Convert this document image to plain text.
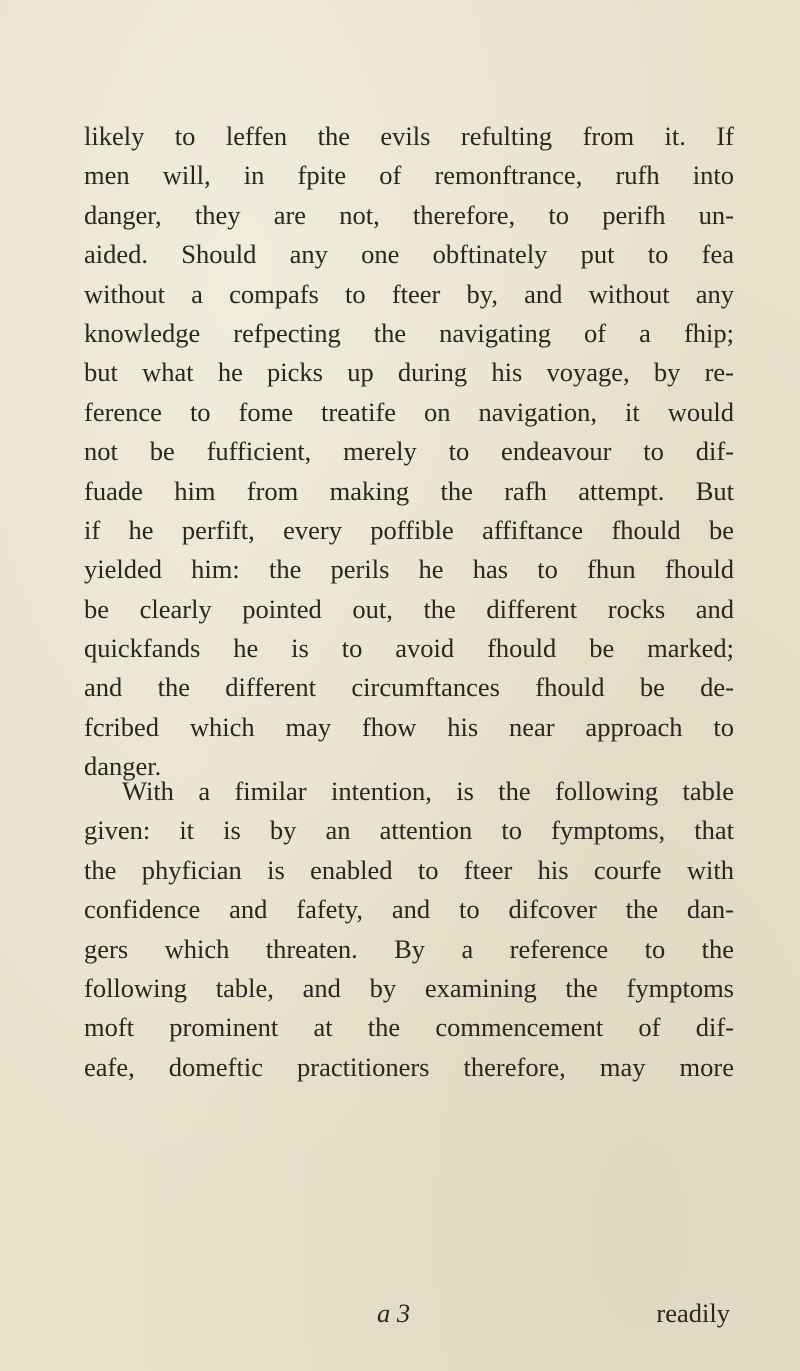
likely to leffen the evils refulting from it. If
men will, in fpite of remonftrance, rufh into
danger, they are not, therefore, to perifh un-
aided. Should any one obftinately put to fea
without a compafs to fteer by, and without any
knowledge refpecting the navigating of a fhip;
but what he picks up during his voyage, by re-
ference to fome treatife on navigation, it would
not be fufficient, merely to endeavour to dif-
fuade him from making the rafh attempt. But
if he perfift, every poffible affiftance fhould be
yielded him: the perils he has to fhun fhould
be clearly pointed out, the different rocks and
quickfands he is to avoid fhould be marked;
and the different circumftances fhould be de-
fcribed which may fhow his near approach to
danger.
With a fimilar intention, is the following table
given: it is by an attention to fymptoms, that
the phyfician is enabled to fteer his courfe with
confidence and fafety, and to difcover the dan-
gers which threaten. By a reference to the
following table, and by examining the fymptoms
moft prominent at the commencement of dif-
eafe, domeftic practitioners therefore, may more
a 3	readily
